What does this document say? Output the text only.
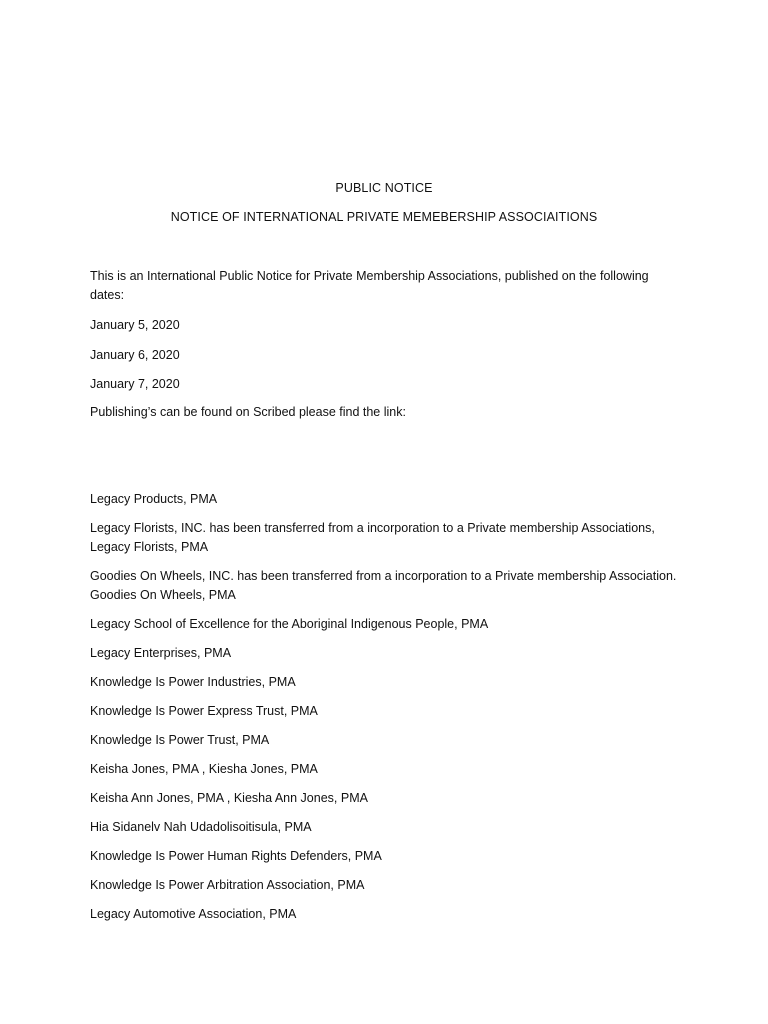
PUBLIC NOTICE
NOTICE OF INTERNATIONAL PRIVATE MEMEBERSHIP ASSOCIAITIONS

This is an International Public Notice for Private Membership Associations, published on the following dates:

January 5, 2020
January 6, 2020
January 7, 2020

Publishing’s can be found on Scribed please find the link:

Legacy Products, PMA

Legacy Florists, INC. has been transferred from a incorporation to a Private membership Associations, Legacy Florists, PMA

Goodies On Wheels, INC. has been transferred from a incorporation to a Private membership Association. Goodies On Wheels, PMA

Legacy School of Excellence for the Aboriginal Indigenous People, PMA

Legacy Enterprises, PMA

Knowledge Is Power Industries, PMA

Knowledge Is Power Express Trust, PMA

Knowledge Is Power Trust, PMA

Keisha Jones, PMA , Kiesha Jones, PMA

Keisha Ann Jones, PMA , Kiesha Ann Jones, PMA

Hia Sidanelv Nah Udadolisoitisula, PMA

Knowledge Is Power Human Rights Defenders, PMA

Knowledge Is Power Arbitration Association, PMA

Legacy Automotive Association, PMA
